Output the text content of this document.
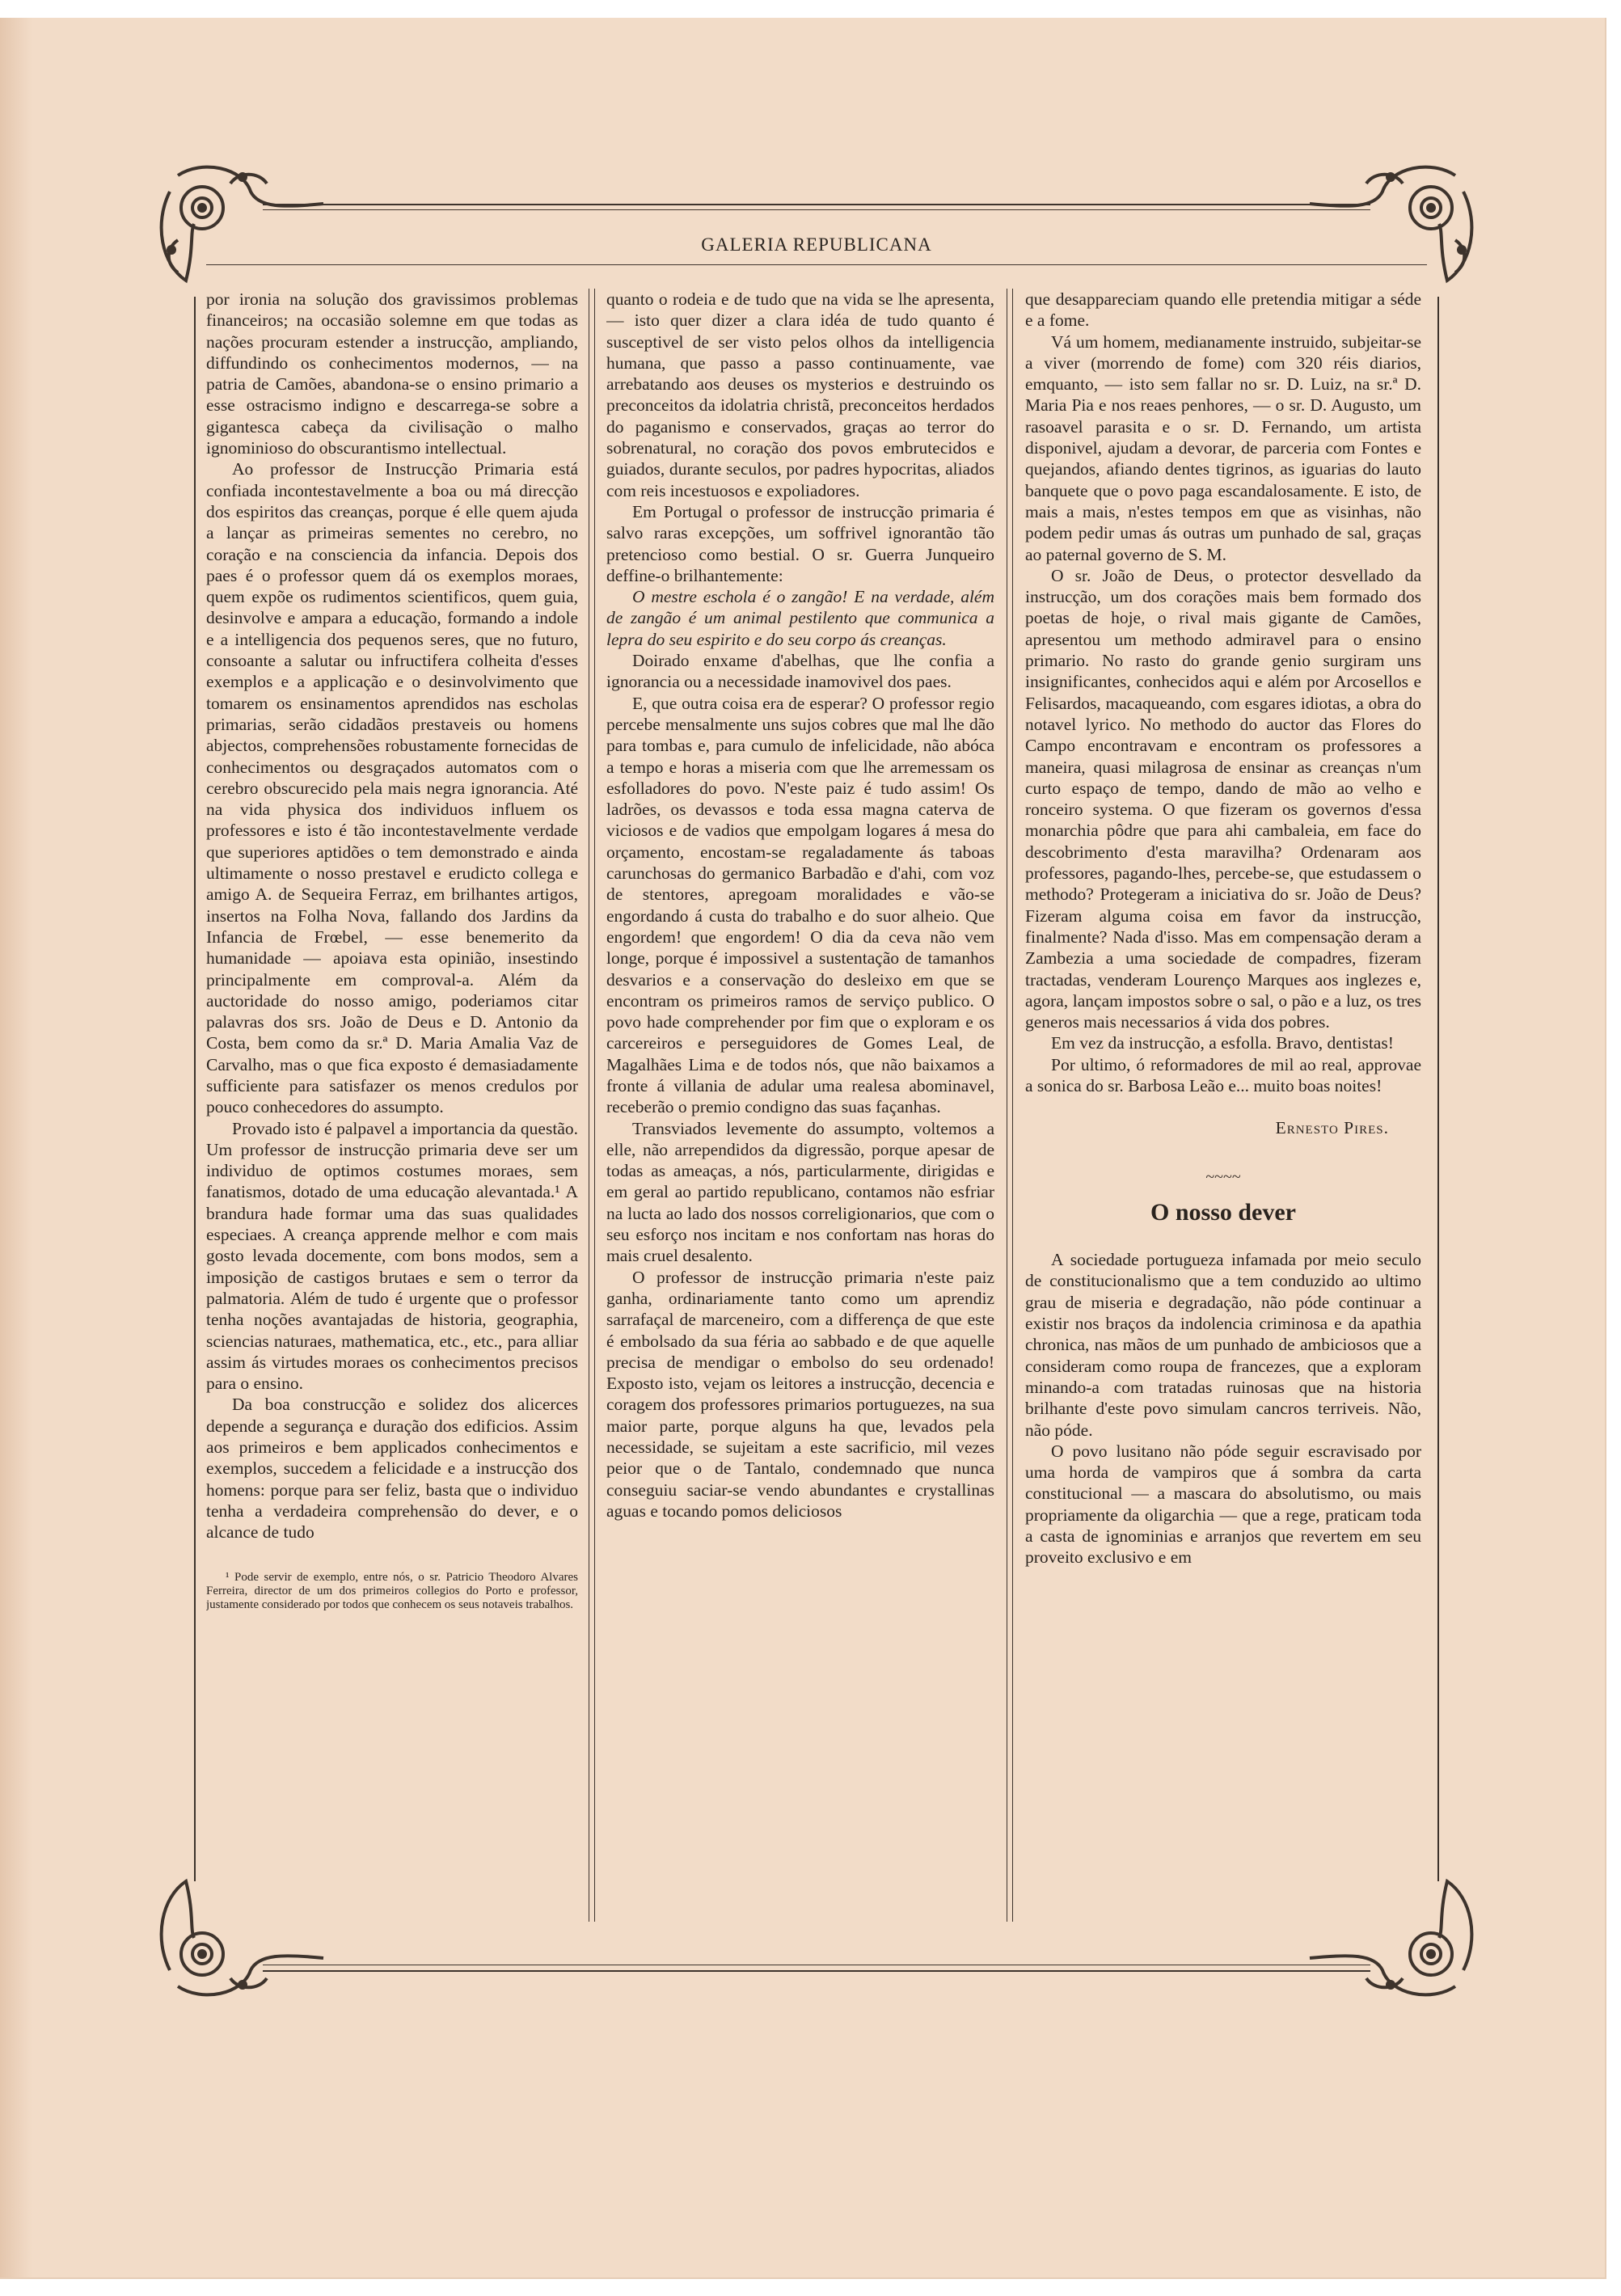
GALERIA REPUBLICANA

por ironia na solução dos gravissimos problemas financeiros; na occasião solemne em que todas as nações procuram estender a instrucção, ampliando, diffundindo os conhecimentos modernos, — na patria de Camões, abandona-se o ensino primario a esse ostracismo indigno e descarrega-se sobre a gigantesca cabeça da civilisação o malho ignominioso do obscurantismo intellectual.

Ao professor de Instrucção Primaria está confiada incontestavelmente a boa ou má direcção dos espiritos das creanças, porque é elle quem ajuda a lançar as primeiras sementes no cerebro, no coração e na consciencia da infancia. Depois dos paes é o professor quem dá os exemplos moraes, quem expõe os rudimentos scientificos, quem guia, desinvolve e ampara a educação, formando a indole e a intelligencia dos pequenos seres, que no futuro, consoante a salutar ou infructifera colheita d'esses exemplos e a applicação e o desinvolvimento que tomarem os ensinamentos aprendidos nas escholas primarias, serão cidadãos prestaveis ou homens abjectos, comprehensões robustamente fornecidas de conhecimentos ou desgraçados automatos com o cerebro obscurecido pela mais negra ignorancia. Até na vida physica dos individuos influem os professores e isto é tão incontestavelmente verdade que superiores aptidões o tem demonstrado e ainda ultimamente o nosso prestavel e erudicto collega e amigo A. de Sequeira Ferraz, em brilhantes artigos, insertos na Folha Nova, fallando dos Jardins da Infancia de Frœbel, — esse benemerito da humanidade — apoiava esta opinião, insestindo principalmente em comproval-a. Além da auctoridade do nosso amigo, poderiamos citar palavras dos srs. João de Deus e D. Antonio da Costa, bem como da sr.ª D. Maria Amalia Vaz de Carvalho, mas o que fica exposto é demasiadamente sufficiente para satisfazer os menos credulos por pouco conhecedores do assumpto.

Provado isto é palpavel a importancia da questão. Um professor de instrucção primaria deve ser um individuo de optimos costumes moraes, sem fanatismos, dotado de uma educação alevantada.¹ A brandura hade formar uma das suas qualidades especiaes. A creança apprende melhor e com mais gosto levada docemente, com bons modos, sem a imposição de castigos brutaes e sem o terror da palmatoria. Além de tudo é urgente que o professor tenha noções avantajadas de historia, geographia, sciencias naturaes, mathematica, etc., etc., para alliar assim ás virtudes moraes os conhecimentos precisos para o ensino.

Da boa construcção e solidez dos alicerces depende a segurança e duração dos edificios. Assim aos primeiros e bem applicados conhecimentos e exemplos, succedem a felicidade e a instrucção dos homens: porque para ser feliz, basta que o individuo tenha a verdadeira comprehensão do dever, e o alcance de tudo

¹ Pode servir de exemplo, entre nós, o sr. Patricio Theodoro Alvares Ferreira, director de um dos primeiros collegios do Porto e professor, justamente considerado por todos que conhecem os seus notaveis trabalhos.

quanto o rodeia e de tudo que na vida se lhe apresenta, — isto quer dizer a clara idéa de tudo quanto é susceptivel de ser visto pelos olhos da intelligencia humana, que passo a passo continuamente, vae arrebatando aos deuses os mysterios e destruindo os preconceitos da idolatria christã, preconceitos herdados do paganismo e conservados, graças ao terror do sobrenatural, no coração dos povos embrutecidos e guiados, durante seculos, por padres hypocritas, aliados com reis incestuosos e expoliadores.

Em Portugal o professor de instrucção primaria é salvo raras excepções, um soffrivel ignorantão tão pretencioso como bestial. O sr. Guerra Junqueiro deffine-o brilhantemente:

O mestre eschola é o zangão! E na verdade, além de zangão é um animal pestilento que communica a lepra do seu espirito e do seu corpo ás creanças.

Doirado enxame d'abelhas, que lhe confia a ignorancia ou a necessidade inamovivel dos paes.

E, que outra coisa era de esperar? O professor regio percebe mensalmente uns sujos cobres que mal lhe dão para tombas e, para cumulo de infelicidade, não abóca a tempo e horas a miseria com que lhe arremessam os esfolladores do povo. N'este paiz é tudo assim! Os ladrões, os devassos e toda essa magna caterva de viciosos e de vadios que empolgam logares á mesa do orçamento, encostam-se regaladamente ás taboas carunchosas do germanico Barbadão e d'ahi, com voz de stentores, apregoam moralidades e vão-se engordando á custa do trabalho e do suor alheio. Que engordem! que engordem! O dia da ceva não vem longe, porque é impossivel a sustentação de tamanhos desvarios e a conservação do desleixo em que se encontram os primeiros ramos de serviço publico. O povo hade comprehender por fim que o exploram e os carcereiros e perseguidores de Gomes Leal, de Magalhães Lima e de todos nós, que não baixamos a fronte á villania de adular uma realesa abominavel, receberão o premio condigno das suas façanhas.

Transviados levemente do assumpto, voltemos a elle, não arrependidos da digressão, porque apesar de todas as ameaças, a nós, particularmente, dirigidas e em geral ao partido republicano, contamos não esfriar na lucta ao lado dos nossos correligionarios, que com o seu esforço nos incitam e nos confortam nas horas do mais cruel desalento.

O professor de instrucção primaria n'este paiz ganha, ordinariamente tanto como um aprendiz sarrafaçal de marceneiro, com a differença de que este é embolsado da sua féria ao sabbado e de que aquelle precisa de mendigar o embolso do seu ordenado! Exposto isto, vejam os leitores a instrucção, decencia e coragem dos professores primarios portuguezes, na sua maior parte, porque alguns ha que, levados pela necessidade, se sujeitam a este sacrificio, mil vezes peior que o de Tantalo, condemnado que nunca conseguiu saciar-se vendo abundantes e crystallinas aguas e tocando pomos deliciosos

que desappareciam quando elle pretendia mitigar a séde e a fome.

Vá um homem, medianamente instruido, subjeitar-se a viver (morrendo de fome) com 320 réis diarios, emquanto, — isto sem fallar no sr. D. Luiz, na sr.ª D. Maria Pia e nos reaes penhores, — o sr. D. Augusto, um rasoavel parasita e o sr. D. Fernando, um artista disponivel, ajudam a devorar, de parceria com Fontes e quejandos, afiando dentes tigrinos, as iguarias do lauto banquete que o povo paga escandalosamente. E isto, de mais a mais, n'estes tempos em que as visinhas, não podem pedir umas ás outras um punhado de sal, graças ao paternal governo de S. M.

O sr. João de Deus, o protector desvellado da instrucção, um dos corações mais bem formado dos poetas de hoje, o rival mais gigante de Camões, apresentou um methodo admiravel para o ensino primario. No rasto do grande genio surgiram uns insignificantes, conhecidos aqui e além por Arcosellos e Felisardos, macaqueando, com esgares idiotas, a obra do notavel lyrico. No methodo do auctor das Flores do Campo encontravam e encontram os professores a maneira, quasi milagrosa de ensinar as creanças n'um curto espaço de tempo, dando de mão ao velho e ronceiro systema. O que fizeram os governos d'essa monarchia pôdre que para ahi cambaleia, em face do descobrimento d'esta maravilha? Ordenaram aos professores, pagando-lhes, percebe-se, que estudassem o methodo? Protegeram a iniciativa do sr. João de Deus? Fizeram alguma coisa em favor da instrucção, finalmente? Nada d'isso. Mas em compensação deram a Zambezia a uma sociedade de compadres, fizeram tractadas, venderam Lourenço Marques aos inglezes e, agora, lançam impostos sobre o sal, o pão e a luz, os tres generos mais necessarios á vida dos pobres.

Em vez da instrucção, a esfolla. Bravo, dentistas!

Por ultimo, ó reformadores de mil ao real, approvae a sonica do sr. Barbosa Leão e... muito boas noites!

Ernesto Pires.
~~~~
O nosso dever

A sociedade portugueza infamada por meio seculo de constitucionalismo que a tem conduzido ao ultimo grau de miseria e degradação, não póde continuar a existir nos braços da indolencia criminosa e da apathia chronica, nas mãos de um punhado de ambiciosos que a consideram como roupa de francezes, que a exploram minando-a com tratadas ruinosas que na historia brilhante d'este povo simulam cancros terriveis. Não, não póde.

O povo lusitano não póde seguir escravisado por uma horda de vampiros que á sombra da carta constitucional — a mascara do absolutismo, ou mais propriamente da oligarchia — que a rege, praticam toda a casta de ignominias e arranjos que revertem em seu proveito exclusivo e em
